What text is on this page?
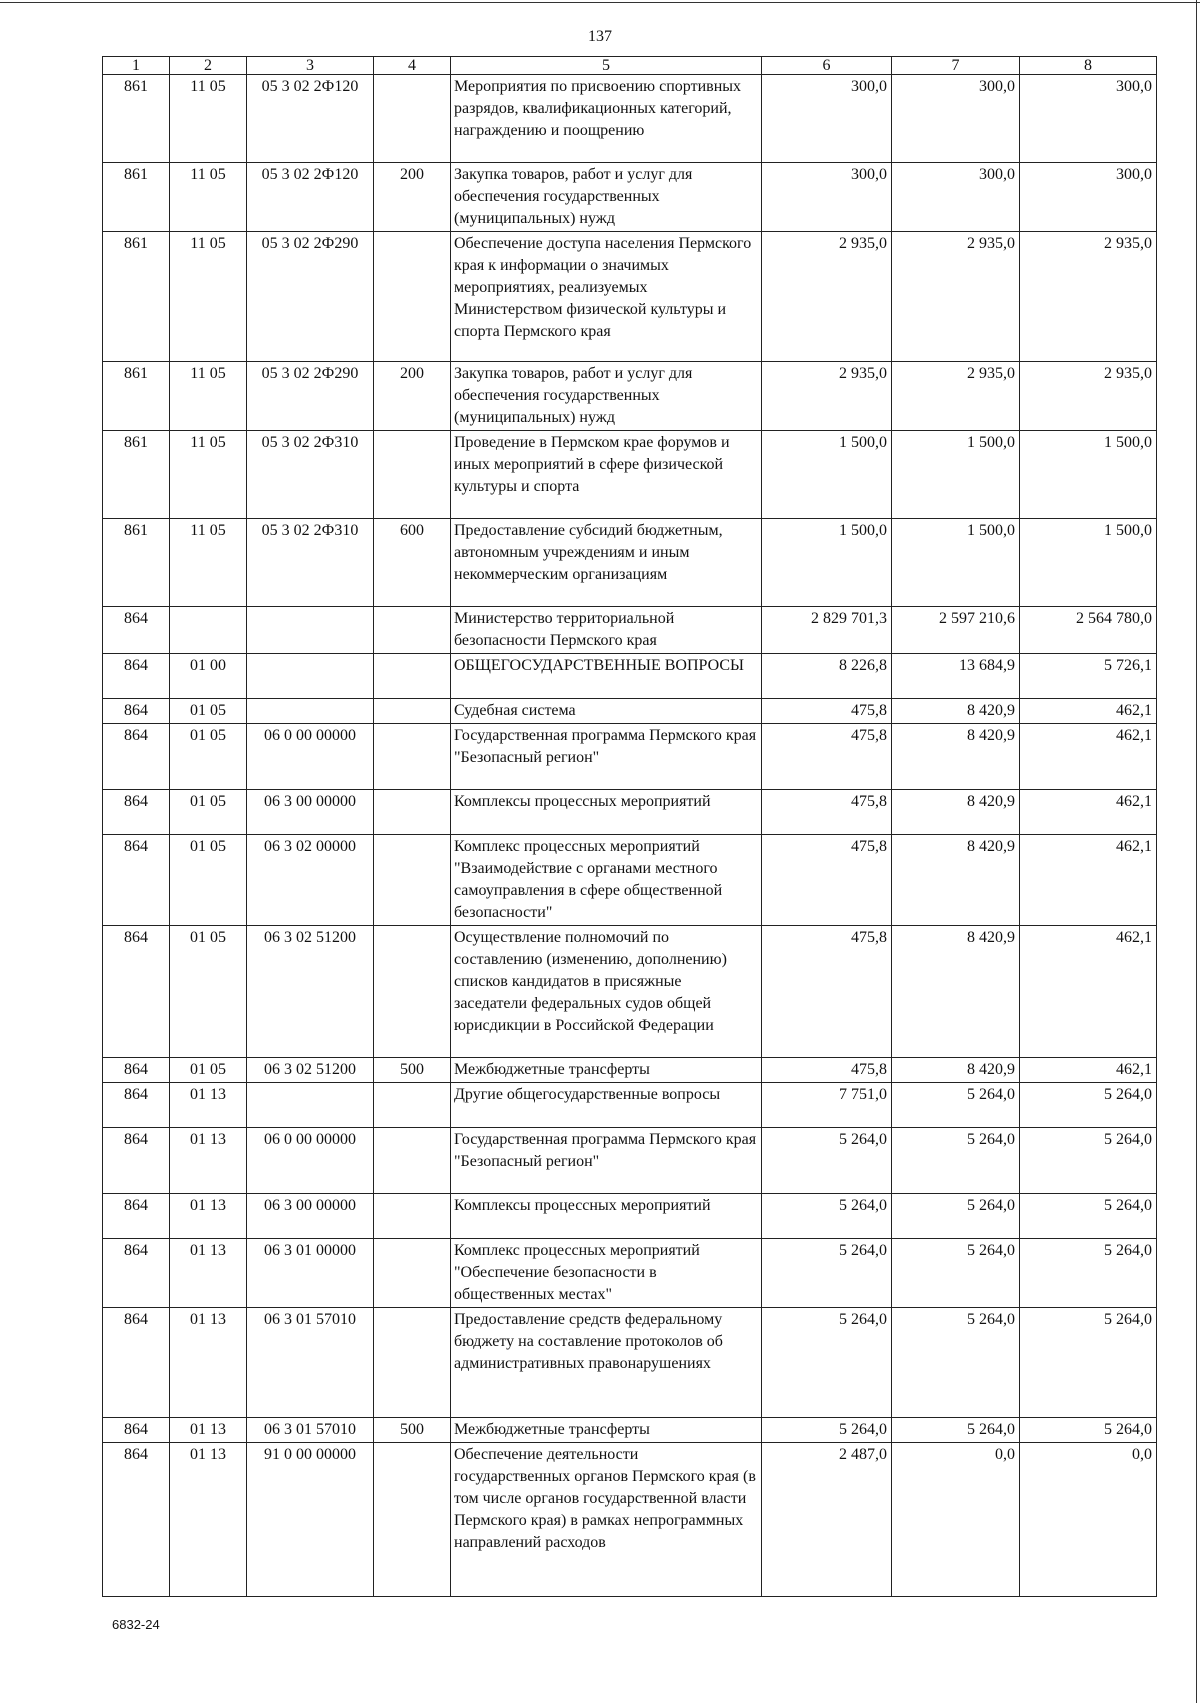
137
1	2	3	4	5	6	7	8
861	11 05	05 3 02 2Ф120		Мероприятия по присвоению спортивных разрядов, квалификационных категорий, награждению и поощрению	300,0	300,0	300,0
861	11 05	05 3 02 2Ф120	200	Закупка товаров, работ и услуг для обеспечения государственных (муниципальных) нужд	300,0	300,0	300,0
861	11 05	05 3 02 2Ф290		Обеспечение доступа населения Пермского края к информации о значимых мероприятиях, реализуемых Министерством физической культуры и спорта Пермского края	2 935,0	2 935,0	2 935,0
861	11 05	05 3 02 2Ф290	200	Закупка товаров, работ и услуг для обеспечения государственных (муниципальных) нужд	2 935,0	2 935,0	2 935,0
861	11 05	05 3 02 2Ф310		Проведение в Пермском крае форумов и иных мероприятий в сфере физической культуры и спорта	1 500,0	1 500,0	1 500,0
861	11 05	05 3 02 2Ф310	600	Предоставление субсидий бюджетным, автономным учреждениям и иным некоммерческим организациям	1 500,0	1 500,0	1 500,0
864				Министерство территориальной безопасности Пермского края	2 829 701,3	2 597 210,6	2 564 780,0
864	01 00			ОБЩЕГОСУДАРСТВЕННЫЕ ВОПРОСЫ	8 226,8	13 684,9	5 726,1
864	01 05			Судебная система	475,8	8 420,9	462,1
864	01 05	06 0 00 00000		Государственная программа Пермского края "Безопасный регион"	475,8	8 420,9	462,1
864	01 05	06 3 00 00000		Комплексы процессных мероприятий	475,8	8 420,9	462,1
864	01 05	06 3 02 00000		Комплекс процессных мероприятий "Взаимодействие с органами местного самоуправления в сфере общественной безопасности"	475,8	8 420,9	462,1
864	01 05	06 3 02 51200		Осуществление полномочий по составлению (изменению, дополнению) списков кандидатов в присяжные заседатели федеральных судов общей юрисдикции в Российской Федерации	475,8	8 420,9	462,1
864	01 05	06 3 02 51200	500	Межбюджетные трансферты	475,8	8 420,9	462,1
864	01 13			Другие общегосударственные вопросы	7 751,0	5 264,0	5 264,0
864	01 13	06 0 00 00000		Государственная программа Пермского края "Безопасный регион"	5 264,0	5 264,0	5 264,0
864	01 13	06 3 00 00000		Комплексы процессных мероприятий	5 264,0	5 264,0	5 264,0
864	01 13	06 3 01 00000		Комплекс процессных мероприятий "Обеспечение безопасности в общественных местах"	5 264,0	5 264,0	5 264,0
864	01 13	06 3 01 57010		Предоставление средств федеральному бюджету на составление протоколов об административных правонарушениях	5 264,0	5 264,0	5 264,0
864	01 13	06 3 01 57010	500	Межбюджетные трансферты	5 264,0	5 264,0	5 264,0
864	01 13	91 0 00 00000		Обеспечение деятельности государственных органов Пермского края (в том числе органов государственной власти Пермского края) в рамках непрограммных направлений расходов	2 487,0	0,0	0,0
6832-24
